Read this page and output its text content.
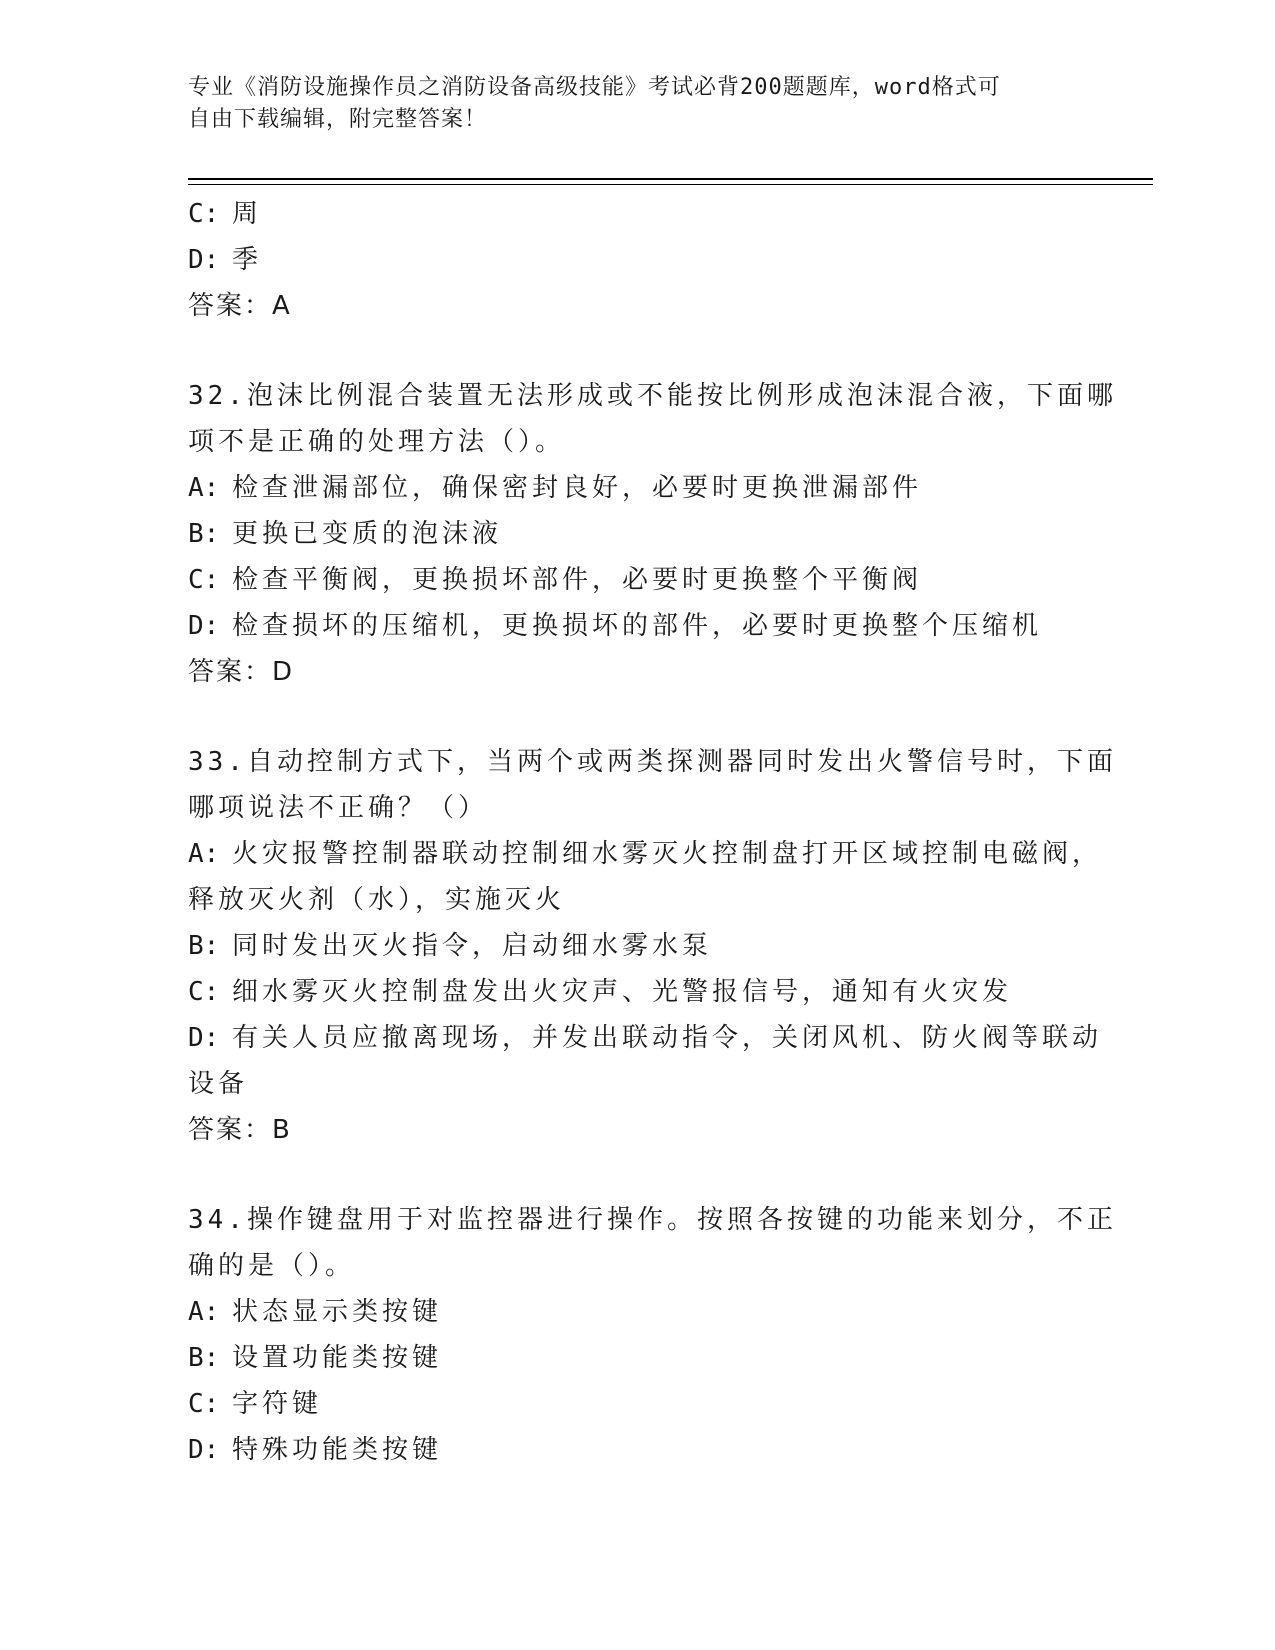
专业《消防设施操作员之消防设备高级技能》考试必背200题题库，word格式可
自由下载编辑，附完整答案！
C: 周
D: 季
答案：A
32.泡沫比例混合装置无法形成或不能按比例形成泡沫混合液，下面哪
项不是正确的处理方法（）。
A: 检查泄漏部位，确保密封良好，必要时更换泄漏部件
B: 更换已变质的泡沫液
C: 检查平衡阀，更换损坏部件，必要时更换整个平衡阀
D: 检查损坏的压缩机，更换损坏的部件，必要时更换整个压缩机
答案：D
33.自动控制方式下，当两个或两类探测器同时发出火警信号时，下面
哪项说法不正确？（）
A: 火灾报警控制器联动控制细水雾灭火控制盘打开区域控制电磁阀，
释放灭火剂（水），实施灭火
B: 同时发出灭火指令，启动细水雾水泵
C: 细水雾灭火控制盘发出火灾声、光警报信号，通知有火灾发
D: 有关人员应撤离现场，并发出联动指令，关闭风机、防火阀等联动
设备
答案：B
34.操作键盘用于对监控器进行操作。按照各按键的功能来划分，不正
确的是（）。
A: 状态显示类按键
B: 设置功能类按键
C: 字符键
D: 特殊功能类按键
